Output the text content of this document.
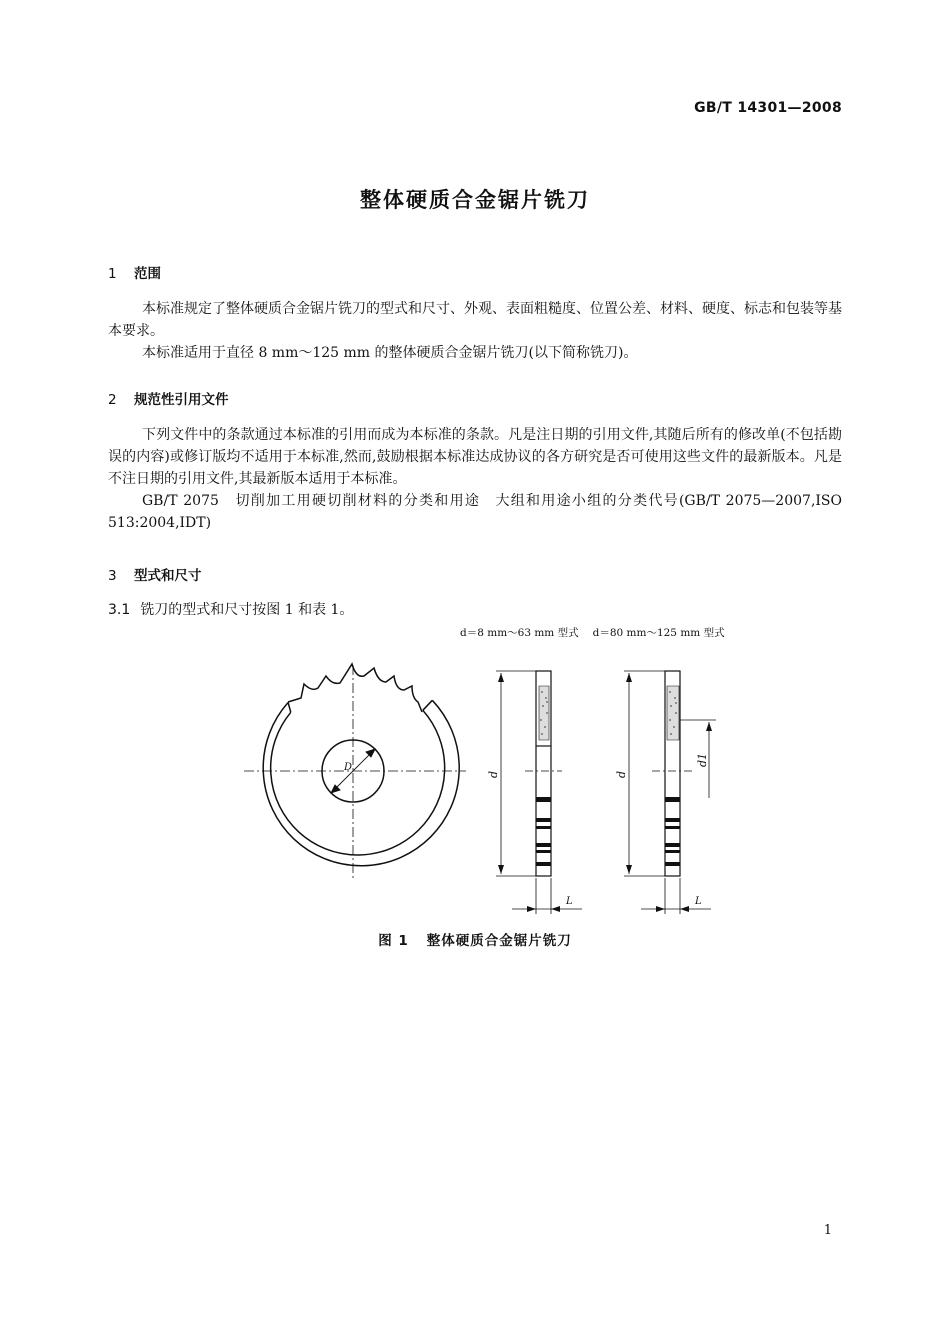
GB/T 14301—2008
整体硬质合金锯片铣刀
1 范围

本标准规定了整体硬质合金锯片铣刀的型式和尺寸、外观、表面粗糙度、位置公差、材料、硬度、标志和包装等基本要求。

本标准适用于直径 8 mm～125 mm 的整体硬质合金锯片铣刀(以下简称铣刀)。

2 规范性引用文件

下列文件中的条款通过本标准的引用而成为本标准的条款。凡是注日期的引用文件,其随后所有的修改单(不包括勘误的内容)或修订版均不适用于本标准,然而,鼓励根据本标准达成协议的各方研究是否可使用这些文件的最新版本。凡是不注日期的引用文件,其最新版本适用于本标准。

GB/T 2075　切削加工用硬切削材料的分类和用途　大组和用途小组的分类代号(GB/T 2075—2007,ISO 513:2004,IDT)

3 型式和尺寸
3.1 铣刀的型式和尺寸按图 1 和表 1。
d＝8 mm～63 mm 型式 d＝80 mm～125 mm 型式
D
d
L
d
d1
L
图 1 整体硬质合金锯片铣刀
1
